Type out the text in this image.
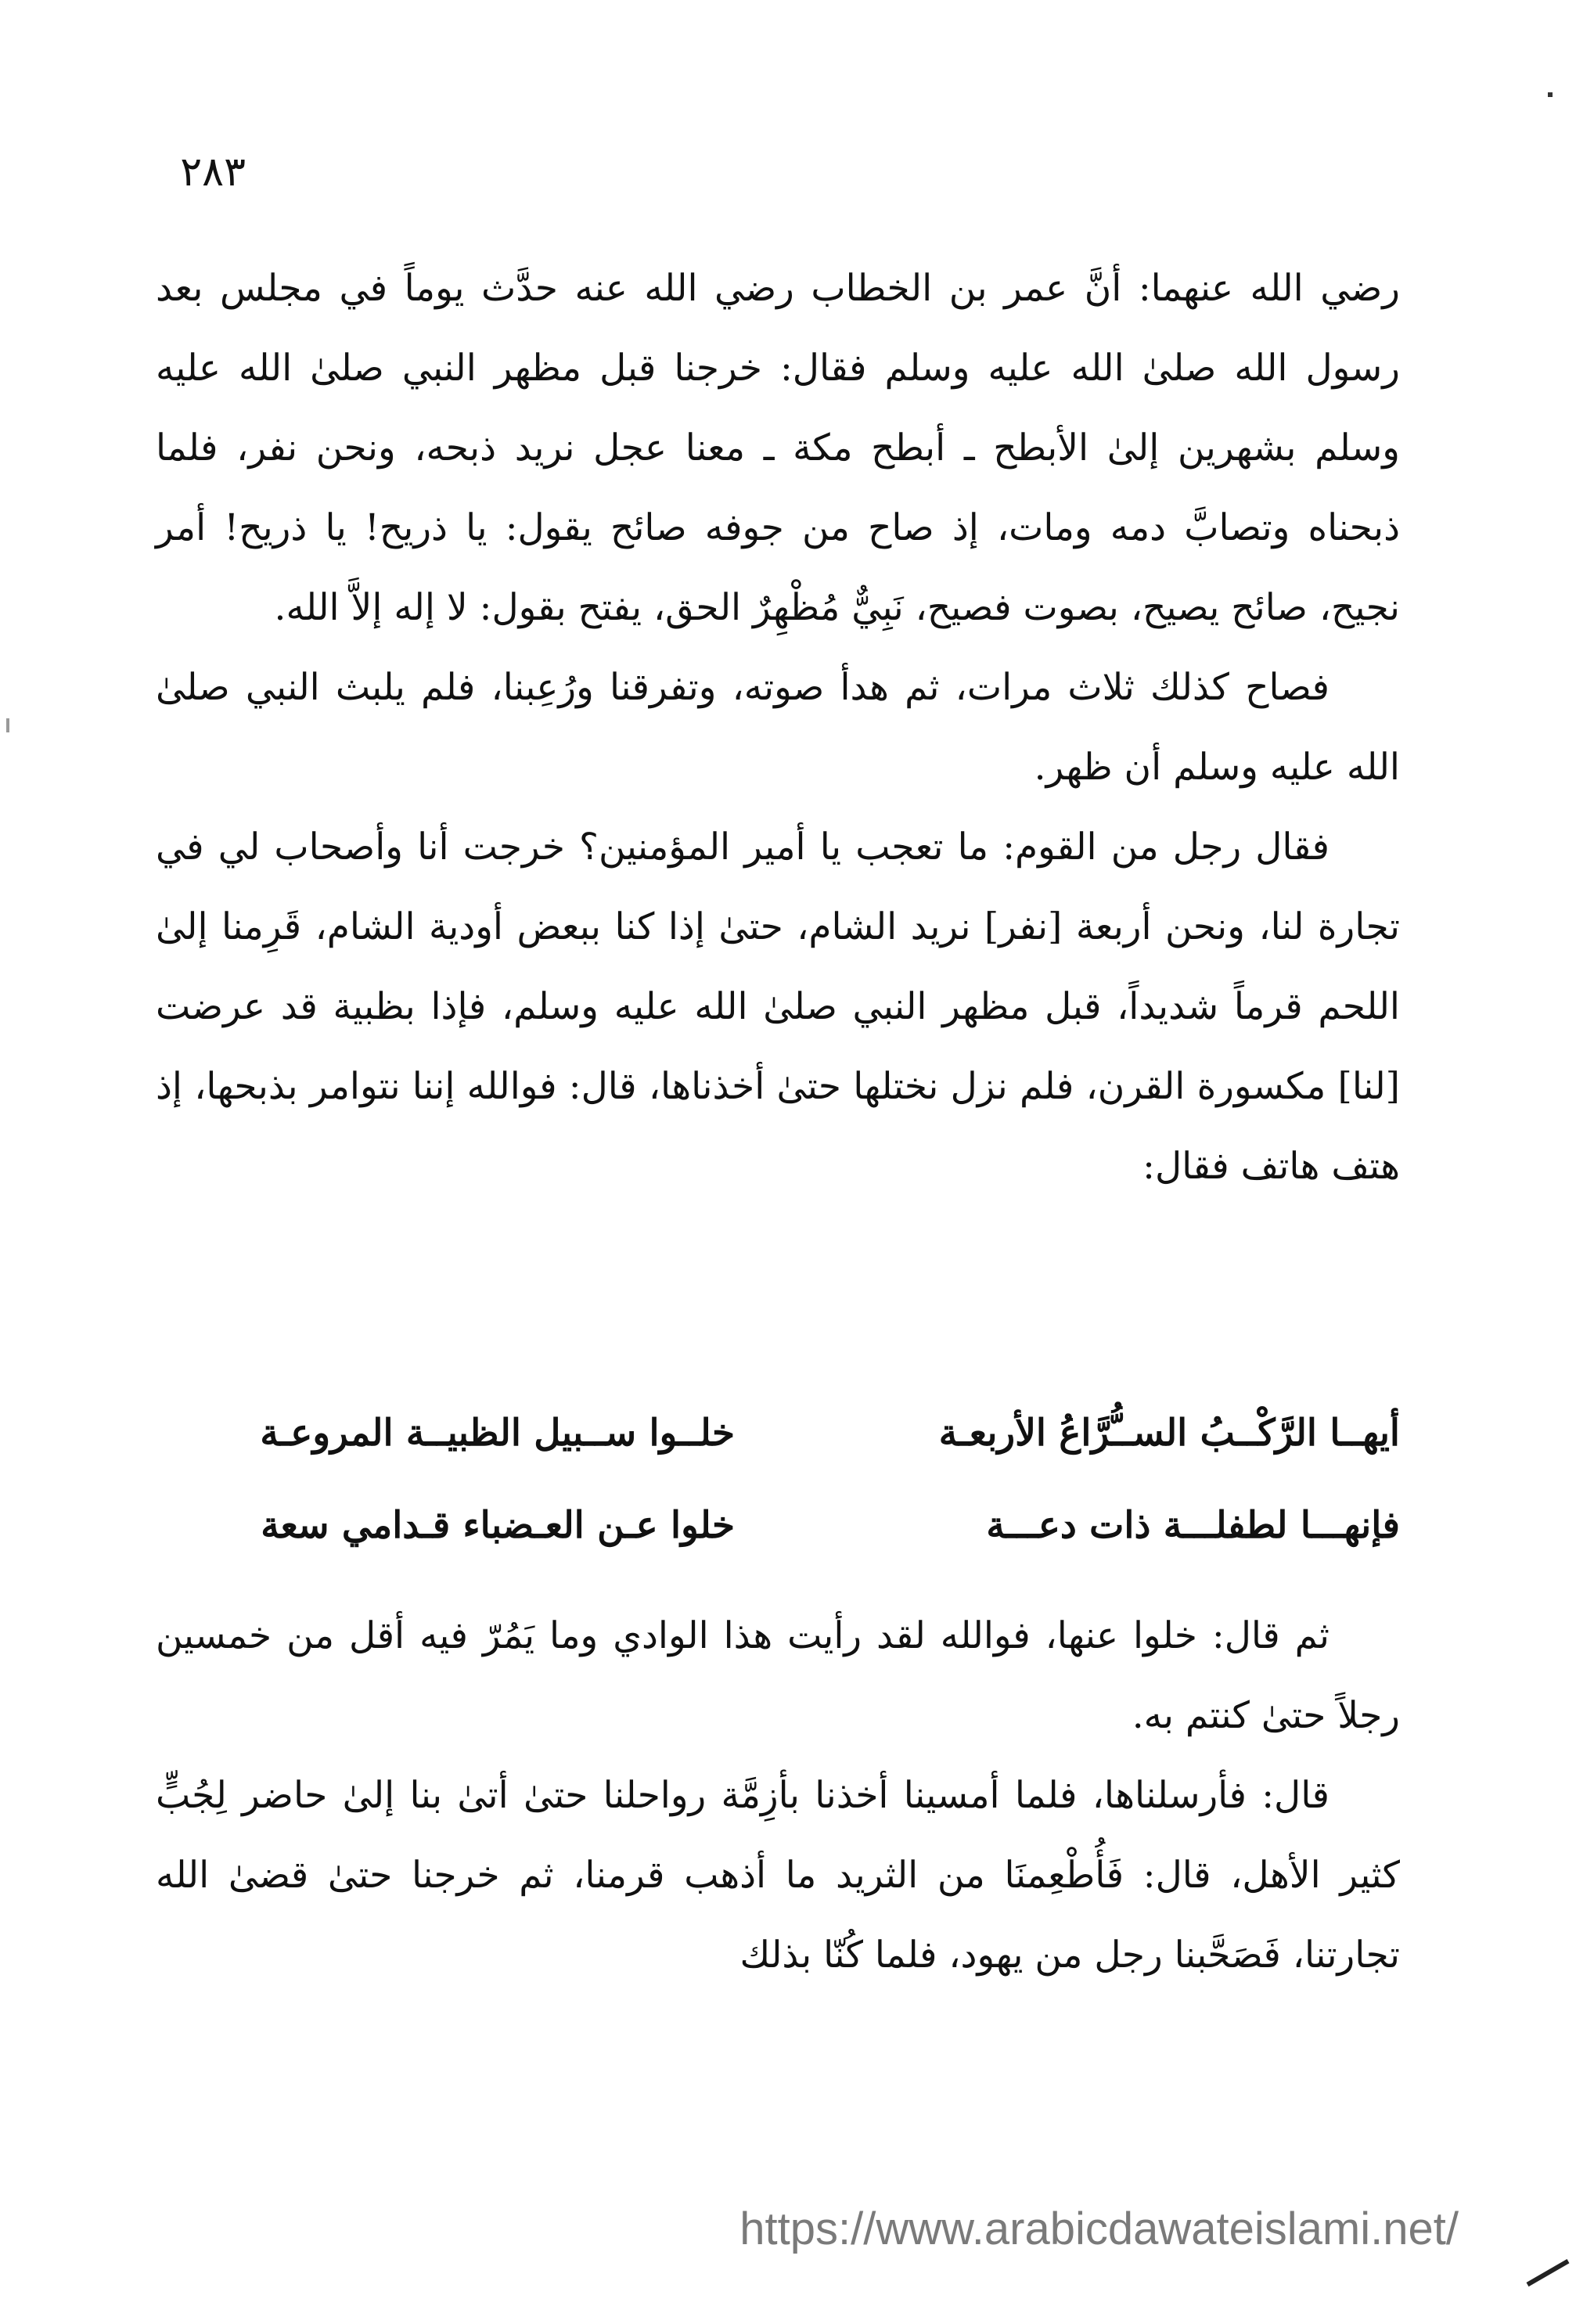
٢٨٣

رضي الله عنهما: أنَّ عمر بن الخطاب رضي الله عنه حدَّث يوماً في مجلس بعد رسول الله صلىٰ الله عليه وسلم فقال: خرجنا قبل مظهر النبي صلىٰ الله عليه وسلم بشهرين إلىٰ الأبطح ـ أبطح مكة ـ معنا عجل نريد ذبحه، ونحن نفر، فلما ذبحناه وتصابَّ دمه ومات، إذ صاح من جوفه صائح يقول: يا ذريح! يا ذريح! أمر نجيح، صائح يصيح، بصوت فصيح، نَبِيٌّ مُظْهِرٌ الحق، يفتح بقول: لا إله إلاَّ الله.

فصاح كذلك ثلاث مرات، ثم هدأ صوته، وتفرقنا ورُعِبنا، فلم يلبث النبي صلىٰ الله عليه وسلم أن ظهر.

فقال رجل من القوم: ما تعجب يا أمير المؤمنين؟ خرجت أنا وأصحاب لي في تجارة لنا، ونحن أربعة [نفر] نريد الشام، حتىٰ إذا كنا ببعض أودية الشام، قَرِمنا إلىٰ اللحم قرماً شديداً، قبل مظهر النبي صلىٰ الله عليه وسلم، فإذا بظبية قد عرضت [لنا] مكسورة القرن، فلم نزل نختلها حتىٰ أخذناها، قال: فوالله إننا نتوامر بذبحها، إذ هتف هاتف فقال:

أيهــا الرَّكْــبُ الســُّرَّاعُ الأربعـة
خلــوا ســبيل الظبيــة المروعـة
فإنهـــا لطفلـــة ذات دعـــة
خلوا عـن العـضباء قـدامي سعة

ثم قال: خلوا عنها، فوالله لقد رأيت هذا الوادي وما يَمُرّ فيه أقل من خمسين رجلاً حتىٰ كنتم به.

قال: فأرسلناها، فلما أمسينا أخذنا بأزِمَّة رواحلنا حتىٰ أتىٰ بنا إلىٰ حاضر لِجُبٍّ كثير الأهل، قال: فَأُطْعِمنَا من الثريد ما أذهب قرمنا، ثم خرجنا حتىٰ قضىٰ الله تجارتنا، فَصَحَّبنا رجل من يهود، فلما كُنّا بذلك

https://www.arabicdawateislami.net/
